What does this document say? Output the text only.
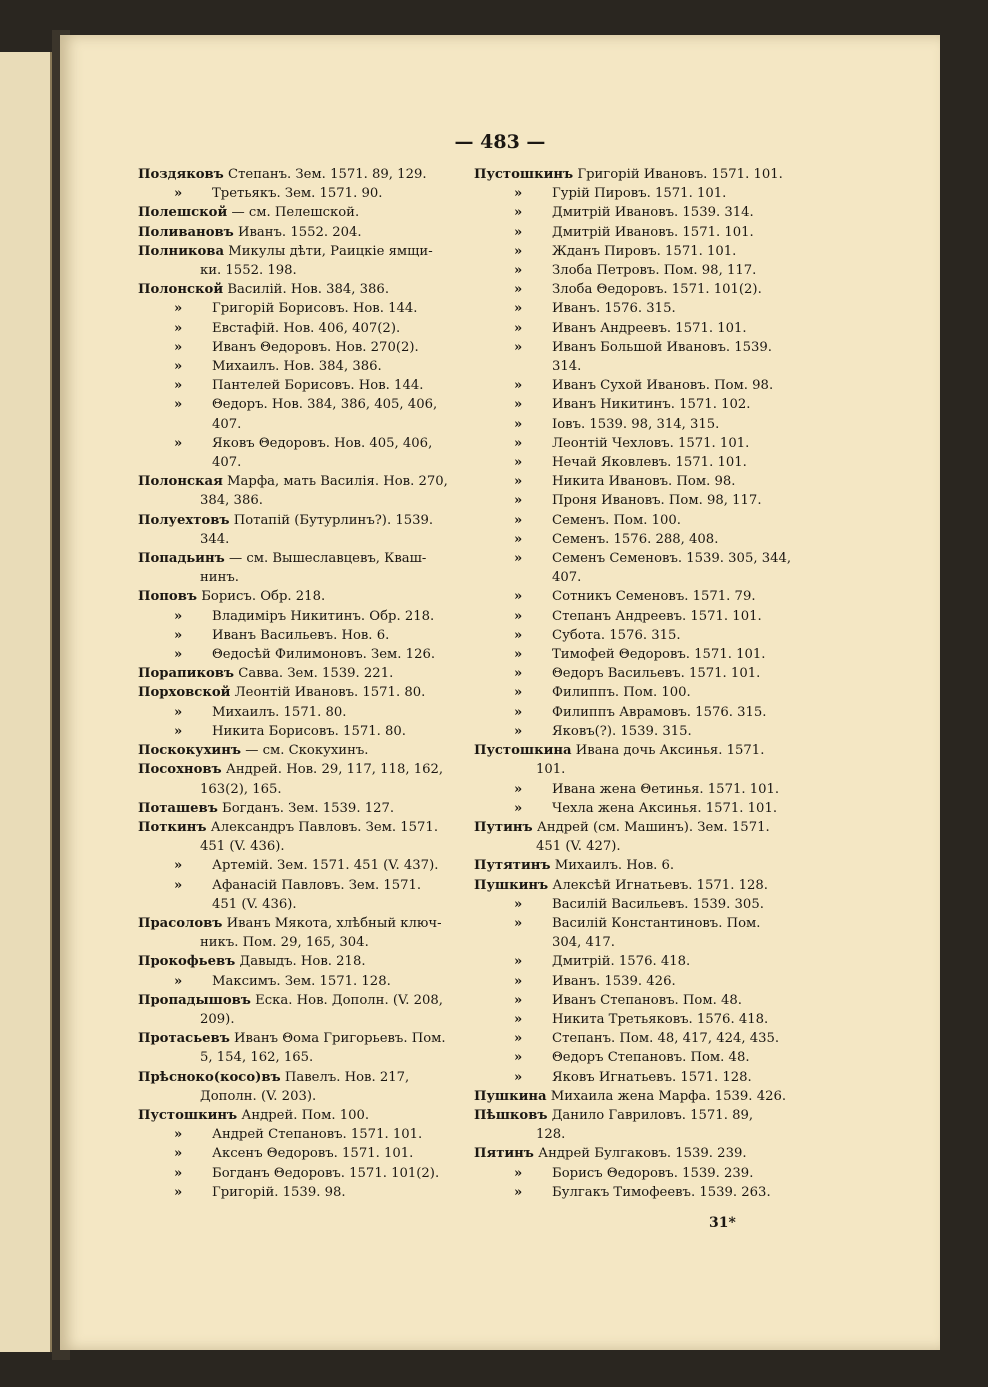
— 483 —
Поздяковъ Степанъ. Зем. 1571. 89, 129.
» Третьякъ. Зем. 1571. 90.
Полешской — см. Пелешской.
Поливановъ Иванъ. 1552. 204.
Полникова Микулы дѣти, Раицкіе ямщи-
ки. 1552. 198.
Полонской Василій. Нов. 384, 386.
» Григорій Борисовъ. Нов. 144.
» Евстафій. Нов. 406, 407(2).
» Иванъ Θедоровъ. Нов. 270(2).
» Михаилъ. Нов. 384, 386.
» Пантелей Борисовъ. Нов. 144.
» Θедоръ. Нов. 384, 386, 405, 406,
407.
» Яковъ Θедоровъ. Нов. 405, 406,
407.
Полонская Марфа, мать Василія. Нов. 270,
384, 386.
Полуехтовъ Потапій (Бутурлинъ?). 1539.
344.
Попадьинъ — см. Вышеславцевъ, Кваш-
нинъ.
Поповъ Борисъ. Обр. 218.
» Владиміръ Никитинъ. Обр. 218.
» Иванъ Васильевъ. Нов. 6.
» Θедосѣй Филимоновъ. Зем. 126.
Порапиковъ Савва. Зем. 1539. 221.
Порховской Леонтій Ивановъ. 1571. 80.
» Михаилъ. 1571. 80.
» Никита Борисовъ. 1571. 80.
Поскокухинъ — см. Скокухинъ.
Посохновъ Андрей. Нов. 29, 117, 118, 162,
163(2), 165.
Поташевъ Богданъ. Зем. 1539. 127.
Поткинъ Александръ Павловъ. Зем. 1571.
451 (V. 436).
» Артемій. Зем. 1571. 451 (V. 437).
» Афанасій Павловъ. Зем. 1571.
451 (V. 436).
Прасоловъ Иванъ Мякота, хлѣбный ключ-
никъ. Пом. 29, 165, 304.
Прокофьевъ Давыдъ. Нов. 218.
» Максимъ. Зем. 1571. 128.
Пропадышовъ Еска. Нов. Дополн. (V. 208,
209).
Протасьевъ Иванъ Θома Григорьевъ. Пом.
5, 154, 162, 165.
Прѣсноко(косо)въ Павелъ. Нов. 217,
Дополн. (V. 203).
Пустошкинъ Андрей. Пом. 100.
» Андрей Степановъ. 1571. 101.
» Аксенъ Θедоровъ. 1571. 101.
» Богданъ Θедоровъ. 1571. 101(2).
» Григорій. 1539. 98.
Пустошкинъ Григорій Ивановъ. 1571. 101.
» Гурій Пировъ. 1571. 101.
» Дмитрій Ивановъ. 1539. 314.
» Дмитрій Ивановъ. 1571. 101.
» Жданъ Пировъ. 1571. 101.
» Злоба Петровъ. Пом. 98, 117.
» Злоба Θедоровъ. 1571. 101(2).
» Иванъ. 1576. 315.
» Иванъ Андреевъ. 1571. 101.
» Иванъ Большой Ивановъ. 1539.
314.
» Иванъ Сухой Ивановъ. Пом. 98.
» Иванъ Никитинъ. 1571. 102.
» Іовъ. 1539. 98, 314, 315.
» Леонтій Чехловъ. 1571. 101.
» Нечай Яковлевъ. 1571. 101.
» Никита Ивановъ. Пом. 98.
» Проня Ивановъ. Пом. 98, 117.
» Семенъ. Пом. 100.
» Семенъ. 1576. 288, 408.
» Семенъ Семеновъ. 1539. 305, 344,
407.
» Сотникъ Семеновъ. 1571. 79.
» Степанъ Андреевъ. 1571. 101.
» Субота. 1576. 315.
» Тимофей Θедоровъ. 1571. 101.
» Θедоръ Васильевъ. 1571. 101.
» Филиппъ. Пом. 100.
» Филиппъ Аврамовъ. 1576. 315.
» Яковъ(?). 1539. 315.
Пустошкина Ивана дочь Аксинья. 1571.
101.
» Ивана жена Θетинья. 1571. 101.
» Чехла жена Аксинья. 1571. 101.
Путинъ Андрей (см. Машинъ). Зем. 1571.
451 (V. 427).
Путятинъ Михаилъ. Нов. 6.
Пушкинъ Алексѣй Игнатьевъ. 1571. 128.
» Василій Васильевъ. 1539. 305.
» Василій Константиновъ. Пом.
304, 417.
» Дмитрій. 1576. 418.
» Иванъ. 1539. 426.
» Иванъ Степановъ. Пом. 48.
» Никита Третьяковъ. 1576. 418.
» Степанъ. Пом. 48, 417, 424, 435.
» Θедоръ Степановъ. Пом. 48.
» Яковъ Игнатьевъ. 1571. 128.
Пушкина Михаила жена Марфа. 1539. 426.
Пѣшковъ Данило Гавриловъ. 1571. 89,
128.
Пятинъ Андрей Булгаковъ. 1539. 239.
» Борисъ Θедоровъ. 1539. 239.
» Булгакъ Тимофеевъ. 1539. 263.
31*
